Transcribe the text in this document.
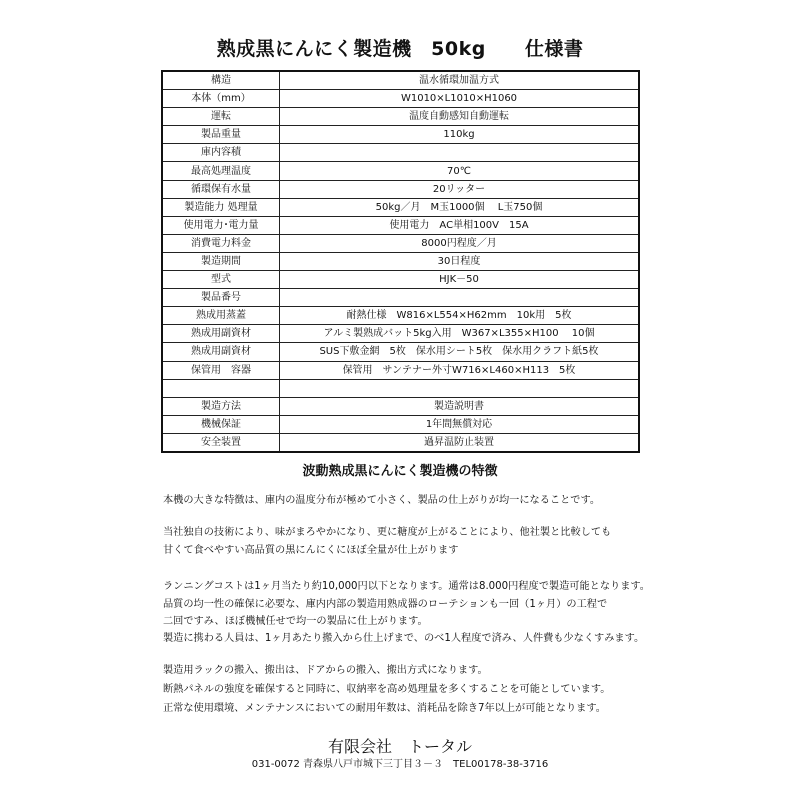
熟成黒にんにく製造機　50kg　　仕様書
構造	温水循環加温方式
本体（mm）	W1010×L1010×H1060
運転	温度自動感知自動運転
製品重量	110kg
庫内容積	
最高処理温度	70℃
循環保有水量	20リッター
製造能力 処理量	50kg／月　M玉1000個　 L玉750個
使用電力･電力量	使用電力　AC単相100V　15A
消費電力料金	8000円程度／月
製造期間	30日程度
型式	HJK－50
製品番号	
熟成用蒸蓋	耐熱仕様　W816×L554×H62mm　10k用　5枚
熟成用副資材	アルミ製熟成バット5kg入用　W367×L355×H100　 10個
熟成用副資材	SUS下敷金網　5枚　保水用シート5枚　保水用クラフト紙5枚
保管用　容器	保管用　サンテナー外寸W716×L460×H113　5枚

製造方法	製造説明書
機械保証	1年間無償対応
安全装置	過昇温防止装置
波動熟成黒にんにく製造機の特徴
本機の大きな特徴は、庫内の温度分布が極めて小さく、製品の仕上がりが均一になることです。
当社独自の技術により、味がまろやかになり、更に糖度が上がることにより、他社製と比較しても
甘くて食べやすい高品質の黒にんにくにほぼ全量が仕上がります
ランニングコストは1ヶ月当たり約10,000円以下となります。通常は8.000円程度で製造可能となります。
品質の均一性の確保に必要な、庫内内部の製造用熟成器のローテションも一回（1ヶ月）の工程で
二回ですみ、ほぼ機械任せで均一の製品に仕上がります。
製造に携わる人員は、1ヶ月あたり搬入から仕上げまで、のべ1人程度で済み、人件費も少なくすみます。
製造用ラックの搬入、搬出は、ドアからの搬入、搬出方式になります。
断熱パネルの強度を確保すると同時に、収納率を高め処理量を多くすることを可能としています。
正常な使用環境、メンテナンスにおいての耐用年数は、消耗品を除き7年以上が可能となります。
有限会社　トータル
031-0072 青森県八戸市城下三丁目３－３　TEL00178-38-3716
